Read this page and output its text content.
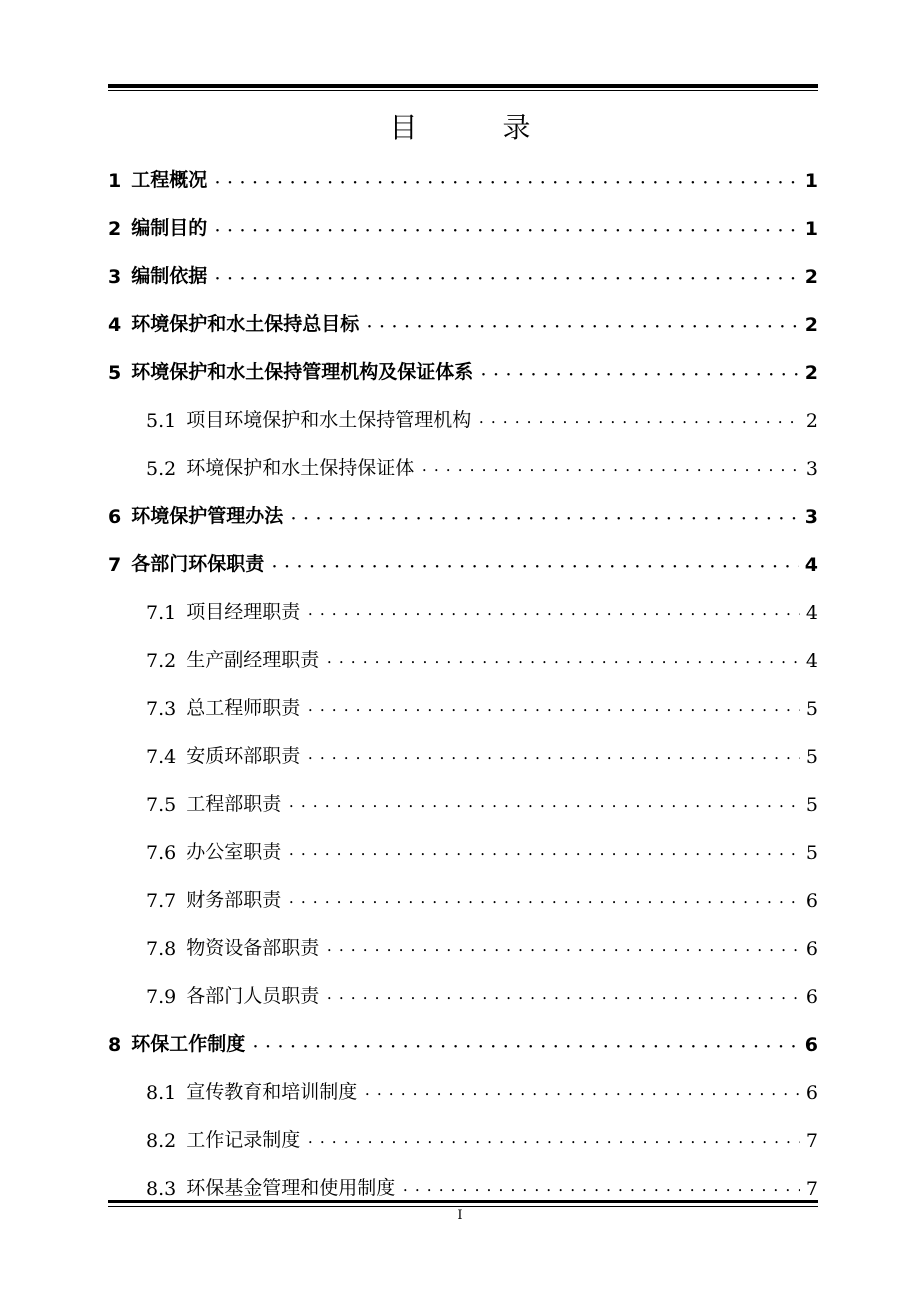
目 录
1 工程概况 • • •	1
2 编制目的 • • •	1
3 编制依据 • • •	2
4 环境保护和水土保持总目标 • • •	2
5 环境保护和水土保持管理机构及保证体系 • • •	2
5.1 项目环境保护和水土保持管理机构 • • •	2
5.2 环境保护和水土保持保证体 • • •	3
6 环境保护管理办法 • • •	3
7 各部门环保职责 • • •	4
7.1 项目经理职责 • • •	4
7.2 生产副经理职责 • • •	4
7.3 总工程师职责 • • •	5
7.4 安质环部职责 • • •	5
7.5 工程部职责 • • •	5
7.6 办公室职责 • • •	5
7.7 财务部职责 • • •	6
7.8 物资设备部职责 • • •	6
7.9 各部门人员职责 • • •	6
8 环保工作制度 • • •	6
8.1 宣传教育和培训制度 • • •	6
8.2 工作记录制度 • • •	7
8.3 环保基金管理和使用制度 • • •	7
I
